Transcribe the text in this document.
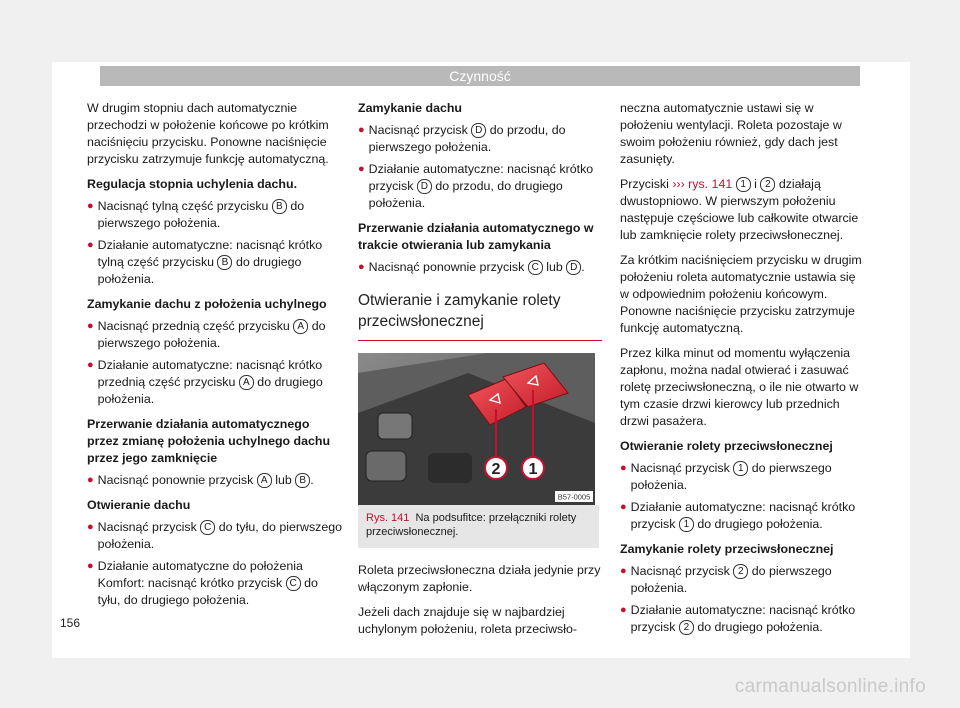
Czynność

W drugim stopniu dach automatycznie przechodzi w położenie końcowe po krótkim naciśnięciu przycisku. Ponowne naciśnięcie przycisku zatrzymuje funkcję automatyczną.

Regulacja stopnia uchylenia dachu.

● Nacisnąć tylną część przycisku B do pierwszego położenia.
● Działanie automatyczne: nacisnąć krótko tylną część przycisku B do drugiego położenia.

Zamykanie dachu z położenia uchylnego

● Nacisnąć przednią część przycisku A do pierwszego położenia.
● Działanie automatyczne: nacisnąć krótko przednią część przycisku A do drugiego położenia.

Przerwanie działania automatycznego przez zmianę położenia uchylnego dachu przez jego zamknięcie

● Nacisnąć ponownie przycisk A lub B .

Otwieranie dachu

● Nacisnąć przycisk C do tyłu, do pierwszego położenia.
● Działanie automatyczne do położenia Komfort: nacisnąć krótko przycisk C do tyłu, do drugiego położenia.

Zamykanie dachu

● Nacisnąć przycisk D do przodu, do pierwszego położenia.
● Działanie automatyczne: nacisnąć krótko przycisk D do przodu, do drugiego położenia.

Przerwanie działania automatycznego w trakcie otwierania lub zamykania

● Nacisnąć ponownie przycisk C lub D .
Otwieranie i zamykanie rolety przeciwsłonecznej
2 1
B57-0005
Rys. 141 Na podsufitce: przełączniki rolety przeciwsłonecznej.

Roleta przeciwsłoneczna działa jedynie przy włączonym zapłonie.

Jeżeli dach znajduje się w najbardziej uchylonym położeniu, roleta przeciwsło-

neczna automatycznie ustawi się w położeniu wentylacji. Roleta pozostaje w swoim położeniu również, gdy dach jest zasunięty.

Przyciski ››› rys. 141 1 i 2 działają dwustopniowo. W pierwszym położeniu następuje częściowe lub całkowite otwarcie lub zamknięcie rolety przeciwsłonecznej.

Za krótkim naciśnięciem przycisku w drugim położeniu roleta automatycznie ustawia się w odpowiednim położeniu końcowym. Ponowne naciśnięcie przycisku zatrzymuje funkcję automatyczną.

Przez kilka minut od momentu wyłączenia zapłonu, można nadal otwierać i zasuwać roletę przeciwsłoneczną, o ile nie otwarto w tym czasie drzwi kierowcy lub przednich drzwi pasażera.

Otwieranie rolety przeciwsłonecznej

● Nacisnąć przycisk 1 do pierwszego położenia.
● Działanie automatyczne: nacisnąć krótko przycisk 1 do drugiego położenia.

Zamykanie rolety przeciwsłonecznej

● Nacisnąć przycisk 2 do pierwszego położenia.
● Działanie automatyczne: nacisnąć krótko przycisk 2 do drugiego położenia.
156
carmanualsonline.info
